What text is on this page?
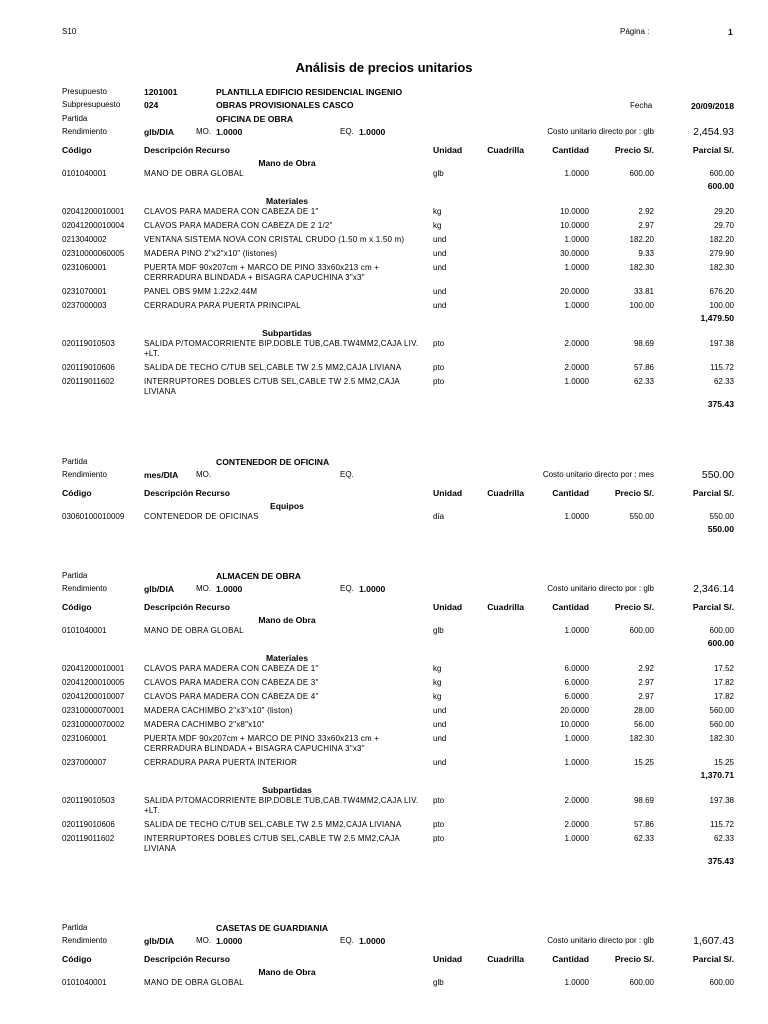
S10	Página :	1
Análisis de precios unitarios
Presupuesto	1201001	PLANTILLA EDIFICIO RESIDENCIAL INGENIO
Subpresupuesto	024	OBRAS PROVISIONALES CASCO	Fecha	20/09/2018
Partida	OFICINA DE OBRA
Rendimiento	glb/DIA	MO. 1.0000	EQ. 1.0000	Costo unitario directo por : glb	2,454.93
Código	Descripción Recurso	Unidad	Cuadrilla	Cantidad	Precio S/.	Parcial S/.
Mano de Obra
0101040001	MANO DE OBRA GLOBAL	glb	1.0000	600.00	600.00
600.00
Materiales
02041200010001 CLAVOS PARA MADERA CON CABEZA DE 1"	kg	10.0000	2.92	29.20
02041200010004 CLAVOS PARA MADERA CON CABEZA DE 2 1/2"	kg	10.0000	2.97	29.70
0213040002	VENTANA SISTEMA NOVA CON CRISTAL CRUDO (1.50 m x 1.50 m)	und	1.0000	182.20	182.20
02310000060005 MADERA PINO 2"x2"x10" (listones)	und	30.0000	9.33	279.90
0231060001	PUERTA MDF 90x207cm + MARCO DE PINO 33x60x213 cm + CERRRADURA BLINDADA + BISAGRA CAPUCHINA 3"x3"
und	1.0000	182.30	182.30
0231070001	PANEL OBS 9MM 1.22x2.44M	und	20.0000	33.81	676.20
0237000003	CERRADURA PARA PUERTA PRINCIPAL	und	1.0000	100.00	100.00
1,479.50
Subpartidas
020119010503	SALIDA P/TOMACORRIENTE BIP.DOBLE TUB,CAB.TW4MM2,CAJA LIV. +LT.
pto	2.0000	98.69	197.38
020119010606	SALIDA DE TECHO C/TUB SEL,CABLE TW 2.5 MM2,CAJA LIVIANA	pto	2.0000	57.86	115.72
020119011602	INTERRUPTORES DOBLES C/TUB SEL,CABLE TW 2.5 MM2,CAJA LIVIANA
pto	1.0000	62.33	62.33
375.43
Partida	CONTENEDOR DE OFICINA
Rendimiento	mes/DIA MO.	EQ.	Costo unitario directo por : mes	550.00
Código	Descripción Recurso	Unidad	Cuadrilla	Cantidad	Precio S/.	Parcial S/.
Equipos
03060100010009 CONTENEDOR DE OFICINAS	día	1.0000	550.00	550.00
550.00
Partida	ALMACEN DE OBRA
Rendimiento	glb/DIA	MO. 1.0000	EQ. 1.0000	Costo unitario directo por : glb	2,346.14
Código	Descripción Recurso	Unidad	Cuadrilla	Cantidad	Precio S/.	Parcial S/.
Mano de Obra
0101040001	MANO DE OBRA GLOBAL	glb	1.0000	600.00	600.00
600.00
Materiales
02041200010001 CLAVOS PARA MADERA CON CABEZA DE 1"	kg	6.0000	2.92	17.52
02041200010005 CLAVOS PARA MADERA CON CABEZA DE 3"	kg	6.0000	2.97	17.82
02041200010007 CLAVOS PARA MADERA CON CABEZA DE 4"	kg	6.0000	2.97	17.82
02310000070001 MADERA CACHIMBO 2"x3"x10" (liston)	und	20.0000	28.00	560.00
02310000070002 MADERA CACHIMBO 2"x8"x10"	und	10.0000	56.00	560.00
0231060001	PUERTA MDF 90x207cm + MARCO DE PINO 33x60x213 cm + CERRRADURA BLINDADA + BISAGRA CAPUCHINA 3"x3"
und	1.0000	182.30	182.30
0237000007	CERRADURA PARA PUERTA INTERIOR	und	1.0000	15.25	15.25
1,370.71
Subpartidas
020119010503	SALIDA P/TOMACORRIENTE BIP.DOBLE TUB,CAB.TW4MM2,CAJA LIV. +LT.
pto	2.0000	98.69	197.38
020119010606	SALIDA DE TECHO C/TUB SEL,CABLE TW 2.5 MM2,CAJA LIVIANA	pto	2.0000	57.86	115.72
020119011602	INTERRUPTORES DOBLES C/TUB SEL,CABLE TW 2.5 MM2,CAJA LIVIANA
pto	1.0000	62.33	62.33
375.43
Partida	CASETAS DE GUARDIANIA
Rendimiento	glb/DIA	MO. 1.0000	EQ. 1.0000	Costo unitario directo por : glb	1,607.43
Código	Descripción Recurso	Unidad	Cuadrilla	Cantidad	Precio S/.	Parcial S/.
Mano de Obra
0101040001	MANO DE OBRA GLOBAL	glb	1.0000	600.00	600.00
